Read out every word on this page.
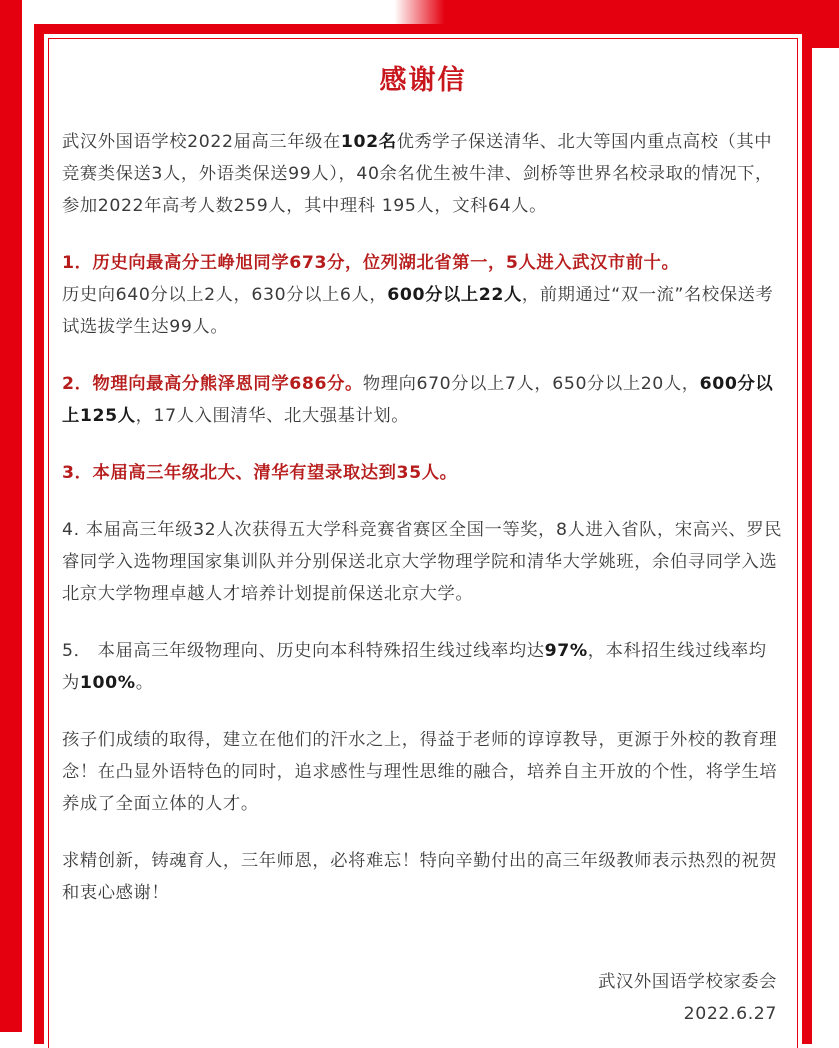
感谢信

武汉外国语学校2022届高三年级在102名优秀学子保送清华、北大等国内重点高校（其中竞赛类保送3人，外语类保送99人），40余名优生被牛津、剑桥等世界名校录取的情况下，参加2022年高考人数259人，其中理科 195人，文科64人。

1．历史向最高分王峥旭同学673分，位列湖北省第一，5人进入武汉市前十。
历史向640分以上2人，630分以上6人，600分以上22人，前期通过“双一流”名校保送考试选拔学生达99人。

2．物理向最高分熊泽恩同学686分。物理向670分以上7人，650分以上20人，600分以上125人，17人入围清华、北大强基计划。

3．本届高三年级北大、清华有望录取达到35人。

4. 本届高三年级32人次获得五大学科竞赛省赛区全国一等奖，8人进入省队，宋高兴、罗民睿同学入选物理国家集训队并分别保送北京大学物理学院和清华大学姚班，余伯寻同学入选北京大学物理卓越人才培养计划提前保送北京大学。

5． 本届高三年级物理向、历史向本科特殊招生线过线率均达97%，本科招生线过线率均为100%。

孩子们成绩的取得，建立在他们的汗水之上，得益于老师的谆谆教导，更源于外校的教育理念！在凸显外语特色的同时，追求感性与理性思维的融合，培养自主开放的个性，将学生培养成了全面立体的人才。

求精创新，铸魂育人，三年师恩，必将难忘！特向辛勤付出的高三年级教师表示热烈的祝贺和衷心感谢！

武汉外国语学校家委会
2022.6.27
